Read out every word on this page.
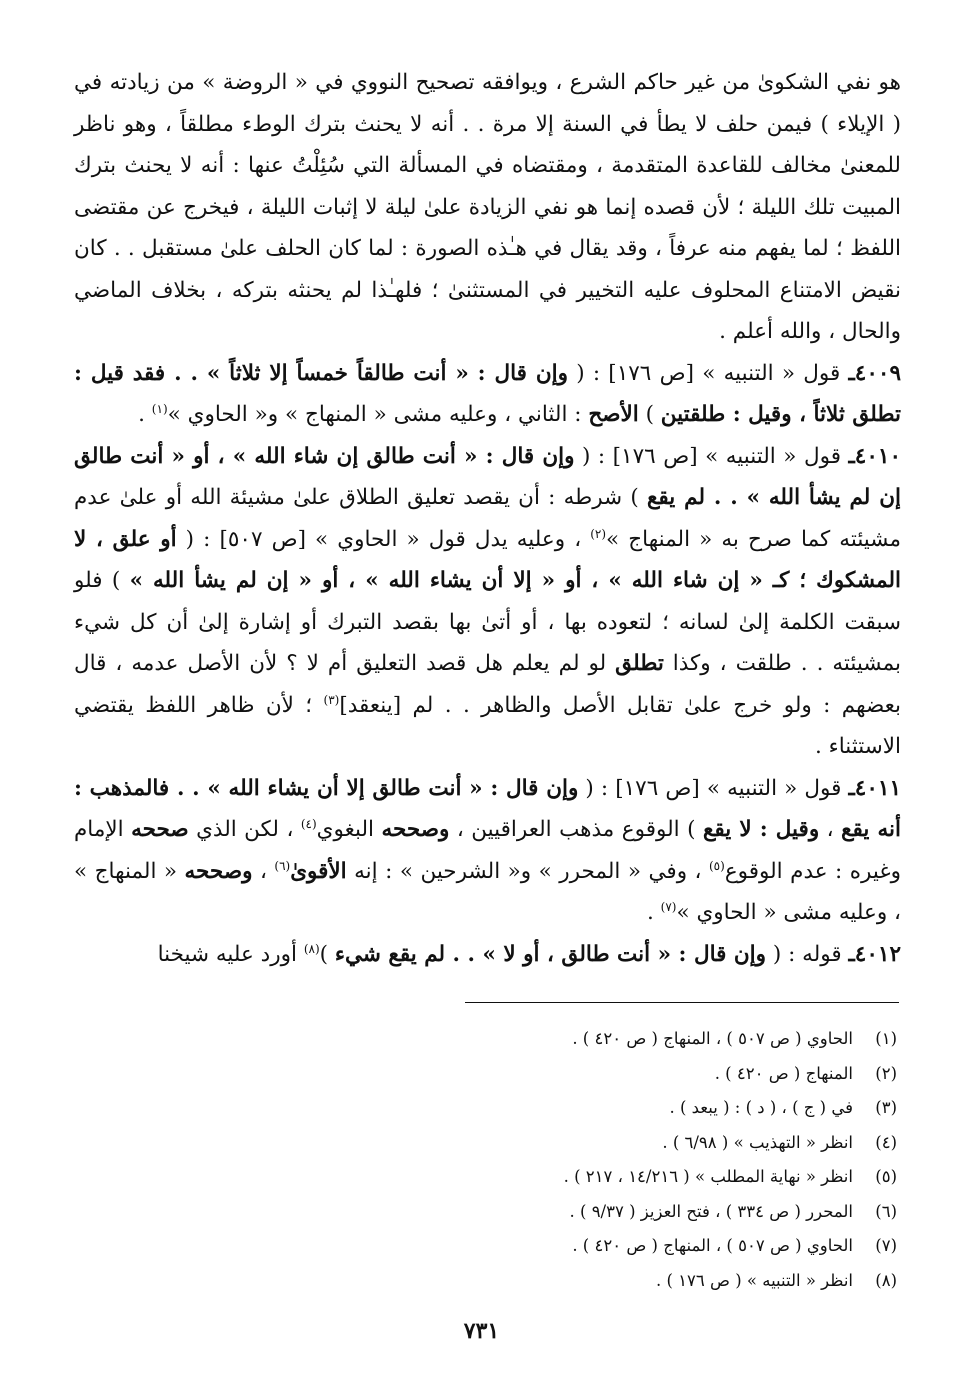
هو نفي الشكوىٰ من غير حاكم الشرع ، ويوافقه تصحيح النووي في « الروضة » من زيادته في ( الإيلاء ) فيمن حلف لا يطأ في السنة إلا مرة . . أنه لا يحنث بترك الوطء مطلقاً ، وهو ناظر للمعنىٰ مخالف للقاعدة المتقدمة ، ومقتضاه في المسألة التي سُئِلْتُ عنها : أنه لا يحنث بترك المبيت تلك الليلة ؛ لأن قصده إنما هو نفي الزيادة علىٰ ليلة لا إثبات الليلة ، فيخرج عن مقتضى اللفظ ؛ لما يفهم منه عرفاً ، وقد يقال في هـٰذه الصورة : لما كان الحلف علىٰ مستقبل . . كان نقيض الامتناع المحلوف عليه التخيير في المستثنىٰ ؛ فلهـٰذا لم يحنثه بتركه ، بخلاف الماضي والحال ، والله أعلم .

٤٠٠٩ـ قول « التنبيه » [ص ١٧٦] : ( وإن قال : « أنت طالقاً خمساً إلا ثلاثاً » . . فقد قيل : تطلق ثلاثاً ، وقيل : طلقتين ) الأصح : الثاني ، وعليه مشى « المنهاج » و« الحاوي »$^{(١)}$ .

٤٠١٠ـ قول « التنبيه » [ص ١٧٦] : ( وإن قال : « أنت طالق إن شاء الله » ، أو « أنت طالق إن لم يشأ الله » . . لم يقع ) شرطه : أن يقصد تعليق الطلاق علىٰ مشيئة الله أو علىٰ عدم مشيئته كما صرح به « المنهاج »$^{(٢)}$ ، وعليه يدل قول « الحاوي » [ص ٥٠٧] : ( أو علق ، لا المشكوك ؛ كـ « إن شاء الله » ، أو « إلا أن يشاء الله » ، أو « إن لم يشأ الله » ) فلو سبقت الكلمة إلىٰ لسانه ؛ لتعوده بها ، أو أتىٰ بها بقصد التبرك أو إشارة إلىٰ أن كل شيء بمشيئته . . طلقت ، وكذا تطلق لو لم يعلم هل قصد التعليق أم لا ؟ لأن الأصل عدمه ، قال بعضهم : ولو خرج علىٰ تقابل الأصل والظاهر . . لم [ينعقد]$^{(٣)}$ ؛ لأن ظاهر اللفظ يقتضي الاستثناء .

٤٠١١ـ قول « التنبيه » [ص ١٧٦] : ( وإن قال : « أنت طالق إلا أن يشاء الله » . . فالمذهب : أنه يقع ، وقيل : لا يقع ) الوقوع مذهب العراقيين ، وصححه البغوي$^{(٤)}$ ، لكن الذي صححه الإمام وغيره : عدم الوقوع$^{(٥)}$ ، وفي « المحرر » و« الشرحين » : إنه الأقوىٰ$^{(٦)}$ ، وصححه « المنهاج » ، وعليه مشى « الحاوي »$^{(٧)}$ .

٤٠١٢ـ قوله : ( وإن قال : « أنت طالق ، أو لا » . . لم يقع شيء )$^{(٨)}$ أورد عليه شيخنا

(١)
الحاوي ( ص ٥٠٧ ) ، المنهاج ( ص ٤٢٠ ) .
(٢)
المنهاج ( ص ٤٢٠ ) .
(٣)
في ( ج ) ، ( د ) : ( يبعد ) .
(٤)
انظر « التهذيب » ( ٦/٩٨ ) .
(٥)
انظر « نهاية المطلب » ( ١٤/٢١٦ ، ٢١٧ ) .
(٦)
المحرر ( ص ٣٣٤ ) ، فتح العزيز ( ٩/٣٧ ) .
(٧)
الحاوي ( ص ٥٠٧ ) ، المنهاج ( ص ٤٢٠ ) .
(٨)
انظر « التنبيه » ( ص ١٧٦ ) .
٧٣١
